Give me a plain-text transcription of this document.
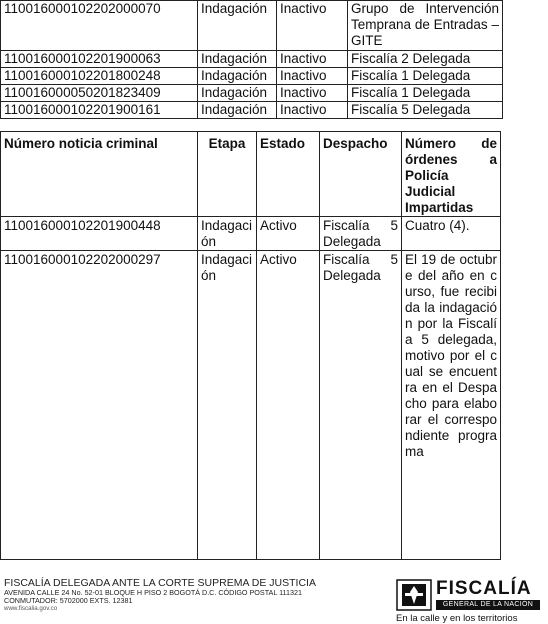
110016000102202000070	Indagación	Inactivo	Grupo de Intervención Temprana de Entradas – GITE
110016000102201900063	Indagación	Inactivo	Fiscalía 2 Delegada
110016000102201800248	Indagación	Inactivo	Fiscalía 1 Delegada
110016000050201823409	Indagación	Inactivo	Fiscalía 1 Delegada
110016000102201900161	Indagación	Inactivo	Fiscalía 5 Delegada
Número noticia criminal	Etapa	Estado	Despacho	Número de órdenes a Policía Judicial Impartidas
110016000102201900448	Indagación	Activo	Fiscalía 5 Delegada	Cuatro (4).
110016000102202000297	Indagación	Activo	Fiscalía 5 Delegada	El 19 de octubre del año en curso, fue recibida la indagación por la Fiscalía 5 delegada, motivo por el cual se encuentra en el Despacho para elaborar el correspondiente programa
FISCALÍA DELEGADA ANTE LA CORTE SUPREMA DE JUSTICIA
AVENIDA CALLE 24 No. 52-01 BLOQUE H PISO 2 BOGOTÁ D.C. CÓDIGO POSTAL 111321
CONMUTADOR: 5702000 EXTS. 12381
www.fiscalia.gov.co
FISCALÍA
GENERAL DE LA NACIÓN
En la calle y en los territorios
